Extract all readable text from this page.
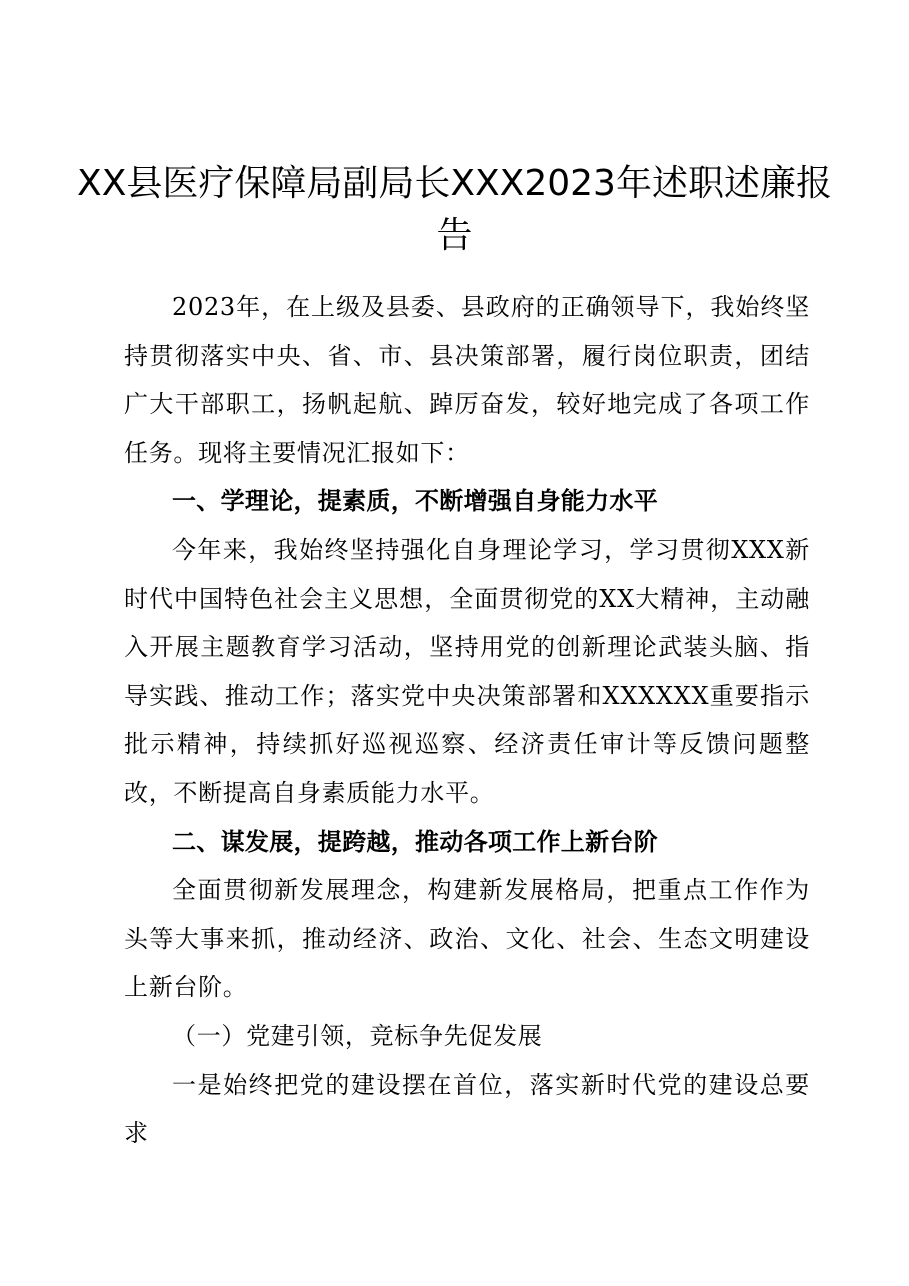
XX县医疗保障局副局长XXX2023年述职述廉报告

2023年，在上级及县委、县政府的正确领导下，我始终坚持贯彻落实中央、省、市、县决策部署，履行岗位职责，团结广大干部职工，扬帆起航、踔厉奋发，较好地完成了各项工作任务。现将主要情况汇报如下：

一、学理论，提素质，不断增强自身能力水平

今年来，我始终坚持强化自身理论学习，学习贯彻XXX新时代中国特色社会主义思想，全面贯彻党的XX大精神，主动融入开展主题教育学习活动，坚持用党的创新理论武装头脑、指导实践、推动工作；落实党中央决策部署和XXXXXX重要指示批示精神，持续抓好巡视巡察、经济责任审计等反馈问题整改，不断提高自身素质能力水平。

二、谋发展，提跨越，推动各项工作上新台阶

全面贯彻新发展理念，构建新发展格局，把重点工作作为头等大事来抓，推动经济、政治、文化、社会、生态文明建设上新台阶。

（一）党建引领，竞标争先促发展

一是始终把党的建设摆在首位，落实新时代党的建设总要求
